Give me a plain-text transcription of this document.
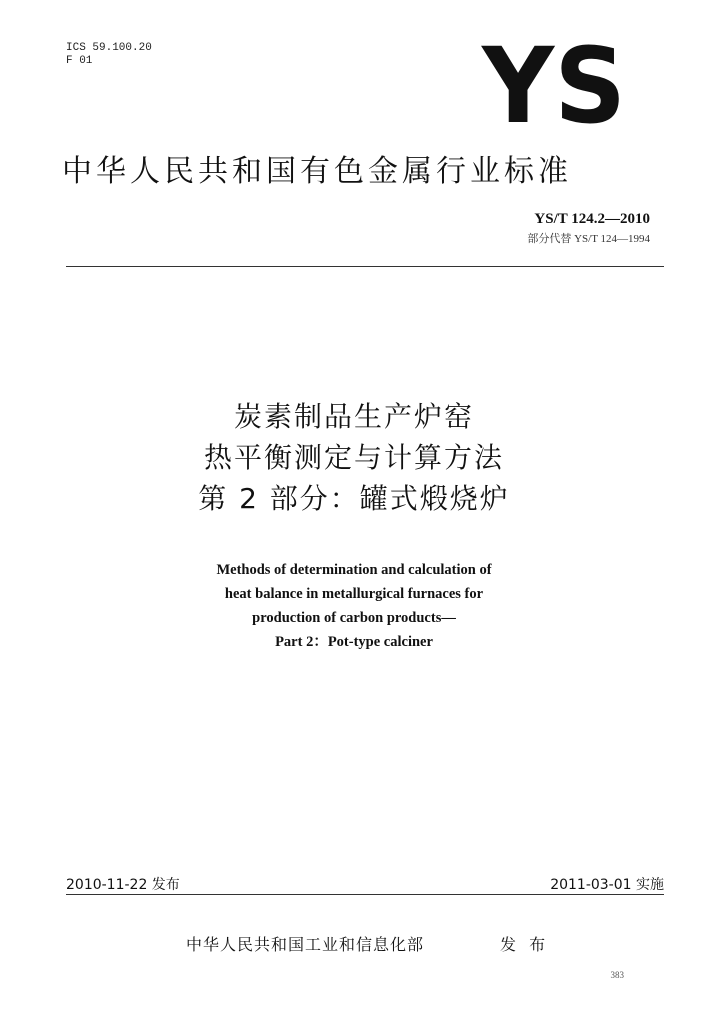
ICS 59.100.20
F 01	YS
中华人民共和国有色金属行业标准
YS/T 124.2—2010
部分代替 YS/T 124—1994
炭素制品生产炉窑
热平衡测定与计算方法
第 2 部分：罐式煅烧炉
Methods of determination and calculation of
heat balance in metallurgical furnaces for
production of carbon products—
Part 2：Pot-type calciner
2010-11-22 发布	2011-03-01 实施
中华人民共和国工业和信息化部	发 布
383
